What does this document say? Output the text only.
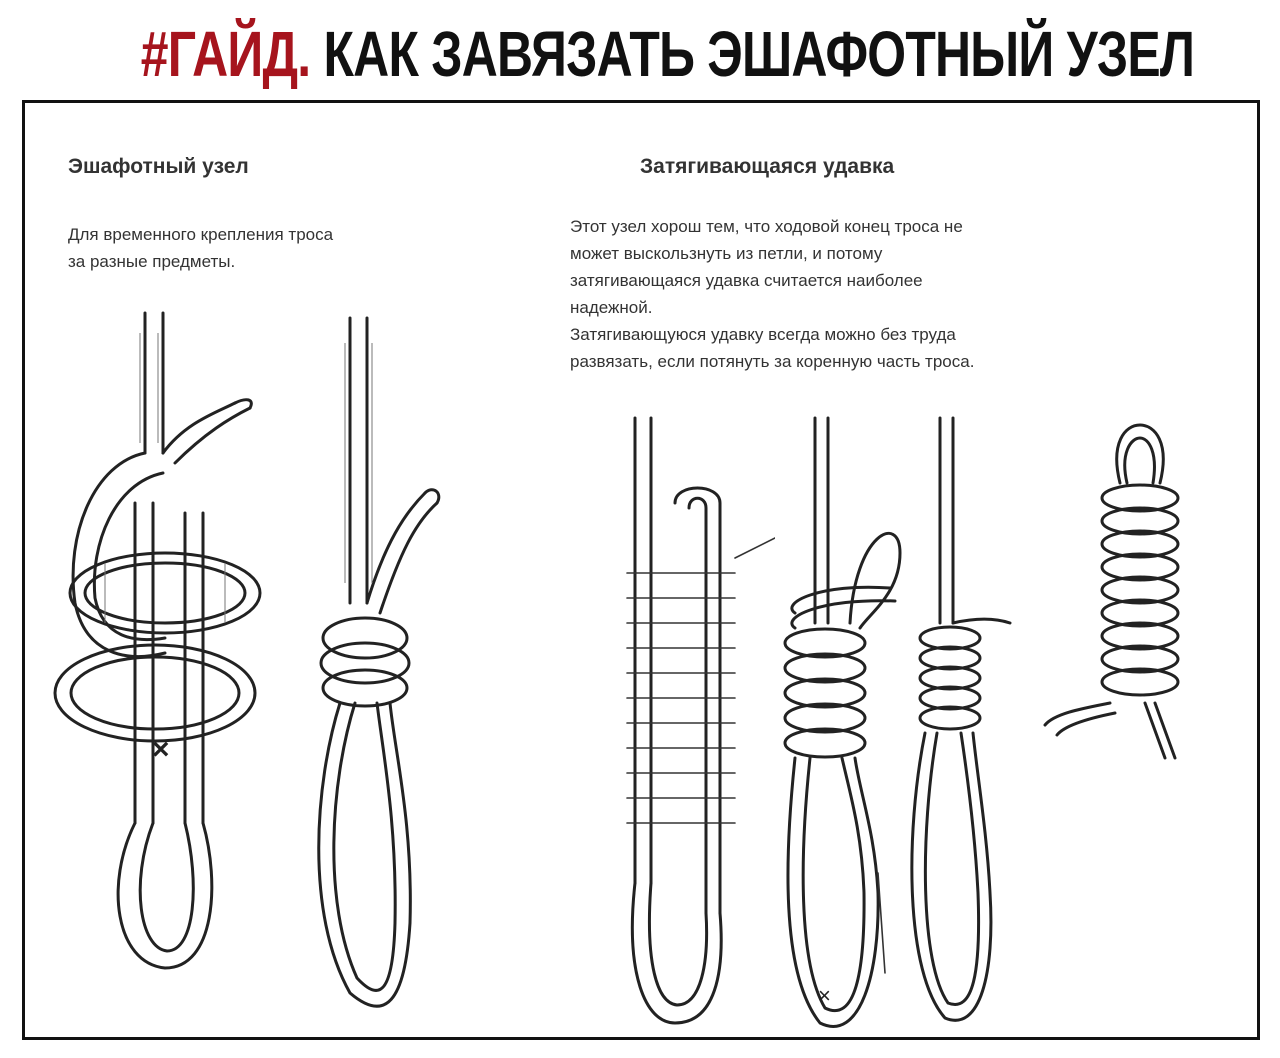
#ГАЙД. КАК ЗАВЯЗАТЬ ЭШАФОТНЫЙ УЗЕЛ
Эшафотный узел
Для временного крепления троса
за разные предметы.
Затягивающаяся удавка
Этот узел хорош тем, что ходовой конец троса не
может выскользнуть из петли, и потому
затягивающаяся удавка считается наиболее
надежной.
Затягивающуюся удавку всегда можно без труда
развязать, если потянуть за коренную часть троса.
×
×
